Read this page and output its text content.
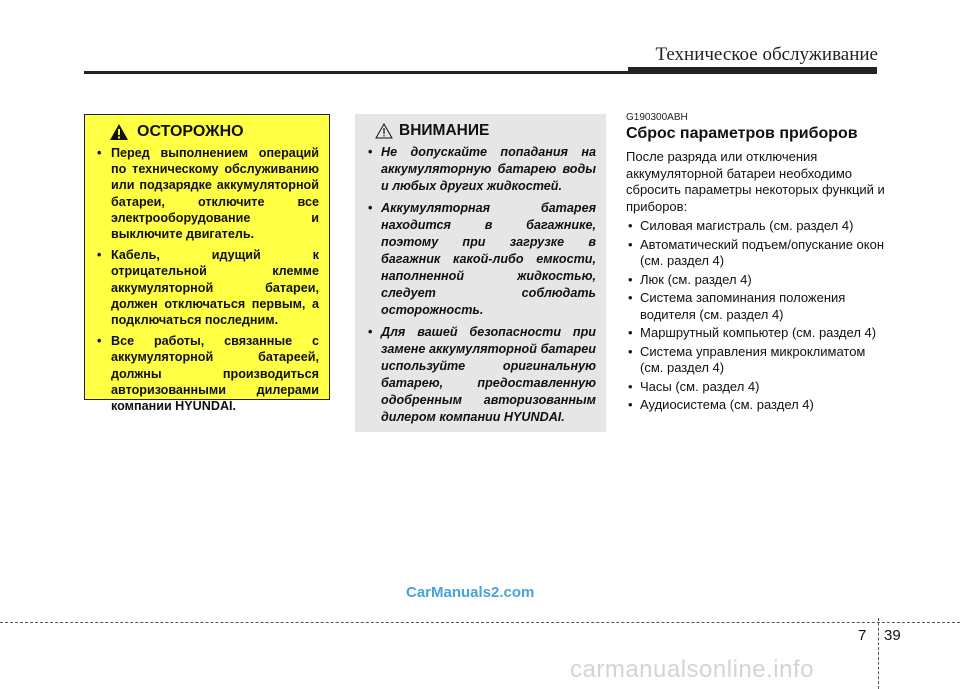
Техническое обслуживание
ОСТОРОЖНО
• Перед выполнением операций по техническому обслуживанию или подзарядке аккумуляторной батареи, отключите все электрооборудование и выключите двигатель.
• Кабель, идущий к отрицательной клемме аккумуляторной батареи, должен отключаться первым, а подключаться последним.
• Все работы, связанные с аккумуляторной батареей, должны производиться авторизованными дилерами компании HYUNDAI.
ВНИМАНИЕ
• Не допускайте попадания на аккумуляторную батарею воды и любых других жидкостей.
• Аккумуляторная батарея находится в багажнике, поэтому при загрузке в багажник какой-либо емкости, наполненной жидкостью, следует соблюдать осторожность.
• Для вашей безопасности при замене аккумуляторной батареи используйте оригинальную батарею, предоставленную одобренным авторизованным дилером компании HYUNDAI.
G190300ABH
Сброс параметров приборов
После разряда или отключения аккумуляторной батареи необходимо сбросить параметры некоторых функций и приборов:
• Силовая магистраль (см. раздел 4)
• Автоматический подъем/опускание окон (см. раздел 4)
• Люк (см. раздел 4)
• Система запоминания положения водителя (см. раздел 4)
• Маршрутный компьютер (см. раздел 4)
• Система управления микроклиматом (см. раздел 4)
• Часы (см. раздел 4)
• Аудиосистема (см. раздел 4)
CarManuals2.com
7 39
carmanualsonline.info
